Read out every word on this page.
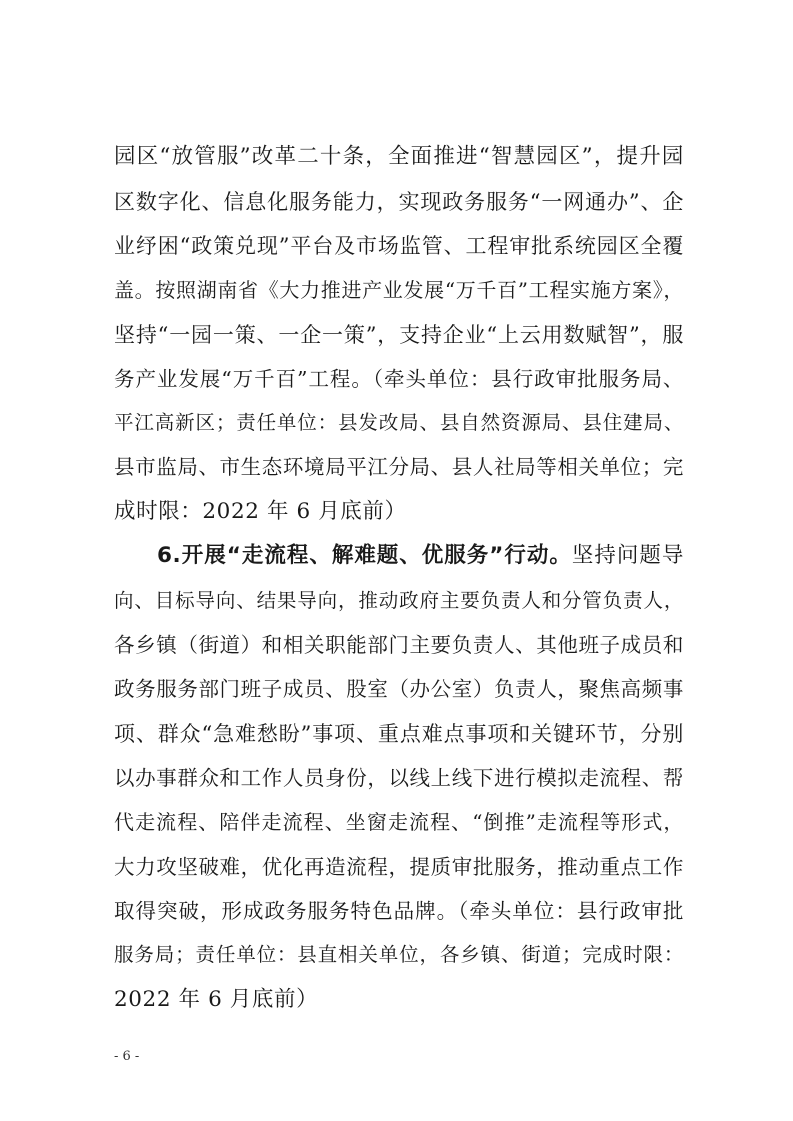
园区“放管服”改革二十条，全面推进“智慧园区”，提升园
区数字化、信息化服务能力，实现政务服务“一网通办”、企
业纾困“政策兑现”平台及市场监管、工程审批系统园区全覆
盖。按照湖南省《大力推进产业发展“万千百”工程实施方案》，
坚持“一园一策、一企一策”，支持企业“上云用数赋智”，服
务产业发展“万千百”工程。（牵头单位：县行政审批服务局、
平江高新区；责任单位：县发改局、县自然资源局、县住建局、
县市监局、市生态环境局平江分局、县人社局等相关单位；完
成时限：2022 年 6 月底前）
6.开展“走流程、解难题、优服务”行动。坚持问题导
向、目标导向、结果导向，推动政府主要负责人和分管负责人，
各乡镇（街道）和相关职能部门主要负责人、其他班子成员和
政务服务部门班子成员、股室（办公室）负责人，聚焦高频事
项、群众“急难愁盼”事项、重点难点事项和关键环节，分别
以办事群众和工作人员身份，以线上线下进行模拟走流程、帮
代走流程、陪伴走流程、坐窗走流程、“倒推”走流程等形式，
大力攻坚破难，优化再造流程，提质审批服务，推动重点工作
取得突破，形成政务服务特色品牌。（牵头单位：县行政审批
服务局；责任单位：县直相关单位，各乡镇、街道；完成时限：
2022 年 6 月底前）
- 6 -
